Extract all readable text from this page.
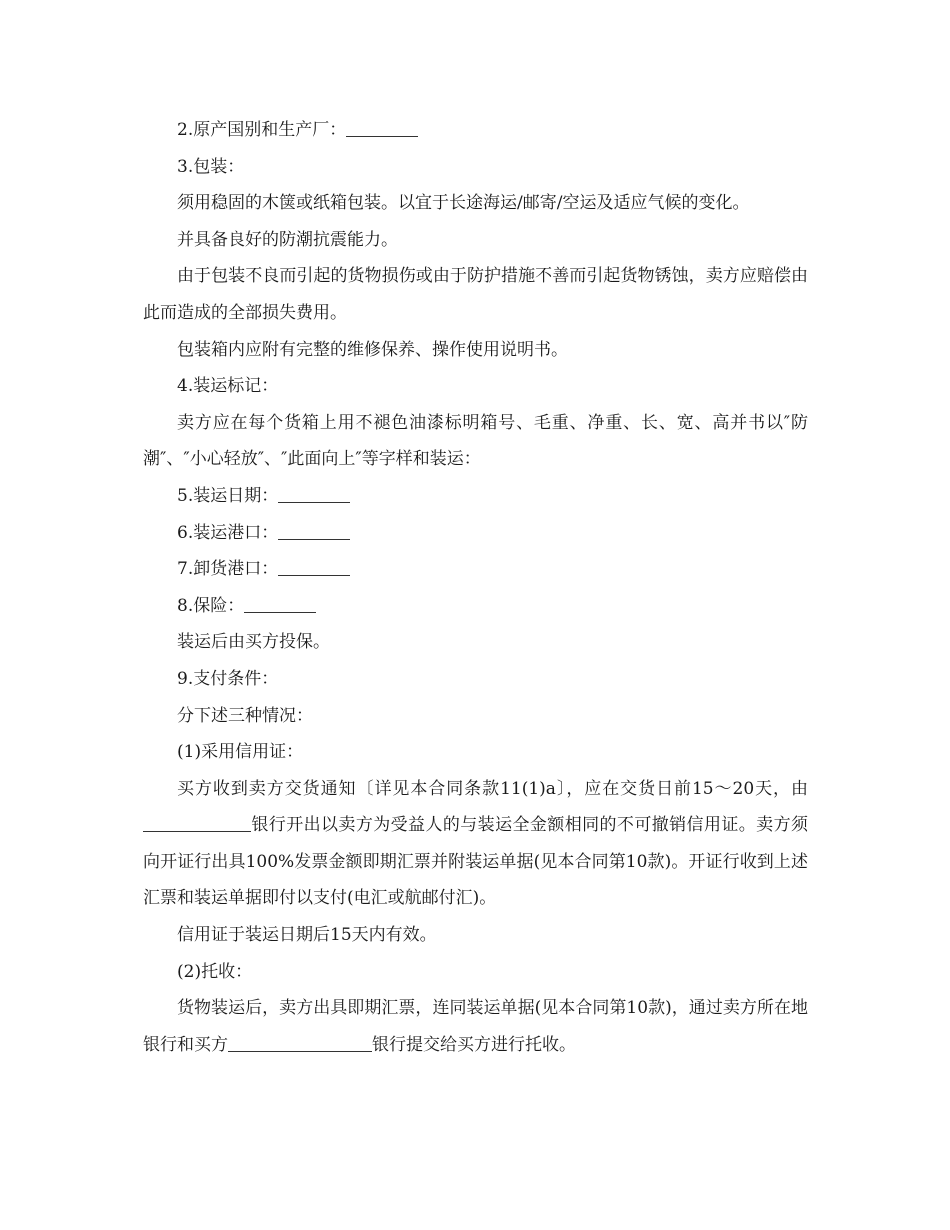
2.原产国别和生产厂：

3.包装：

须用稳固的木箧或纸箱包装。以宜于长途海运/邮寄/空运及适应气候的变化。

并具备良好的防潮抗震能力。

由于包装不良而引起的货物损伤或由于防护措施不善而引起货物锈蚀，卖方应赔偿由此而造成的全部损失费用。

包装箱内应附有完整的维修保养、操作使用说明书。

4.装运标记：

卖方应在每个货箱上用不褪色油漆标明箱号、毛重、净重、长、宽、高并书以″防潮″、″小心轻放″、″此面向上″等字样和装运：

5.装运日期：

6.装运港口：

7.卸货港口：

8.保险：

装运后由买方投保。

9.支付条件：

分下述三种情况：

(1)采用信用证：

买方收到卖方交货通知〔详见本合同条款11(1)a〕，应在交货日前15～20天，由银行开出以卖方为受益人的与装运全金额相同的不可撤销信用证。卖方须向开证行出具100%发票金额即期汇票并附装运单据(见本合同第10款)。开证行收到上述汇票和装运单据即付以支付(电汇或航邮付汇)。

信用证于装运日期后15天内有效。

(2)托收：

货物装运后，卖方出具即期汇票，连同装运单据(见本合同第10款)，通过卖方所在地银行和买方	银行提交给买方进行托收。
